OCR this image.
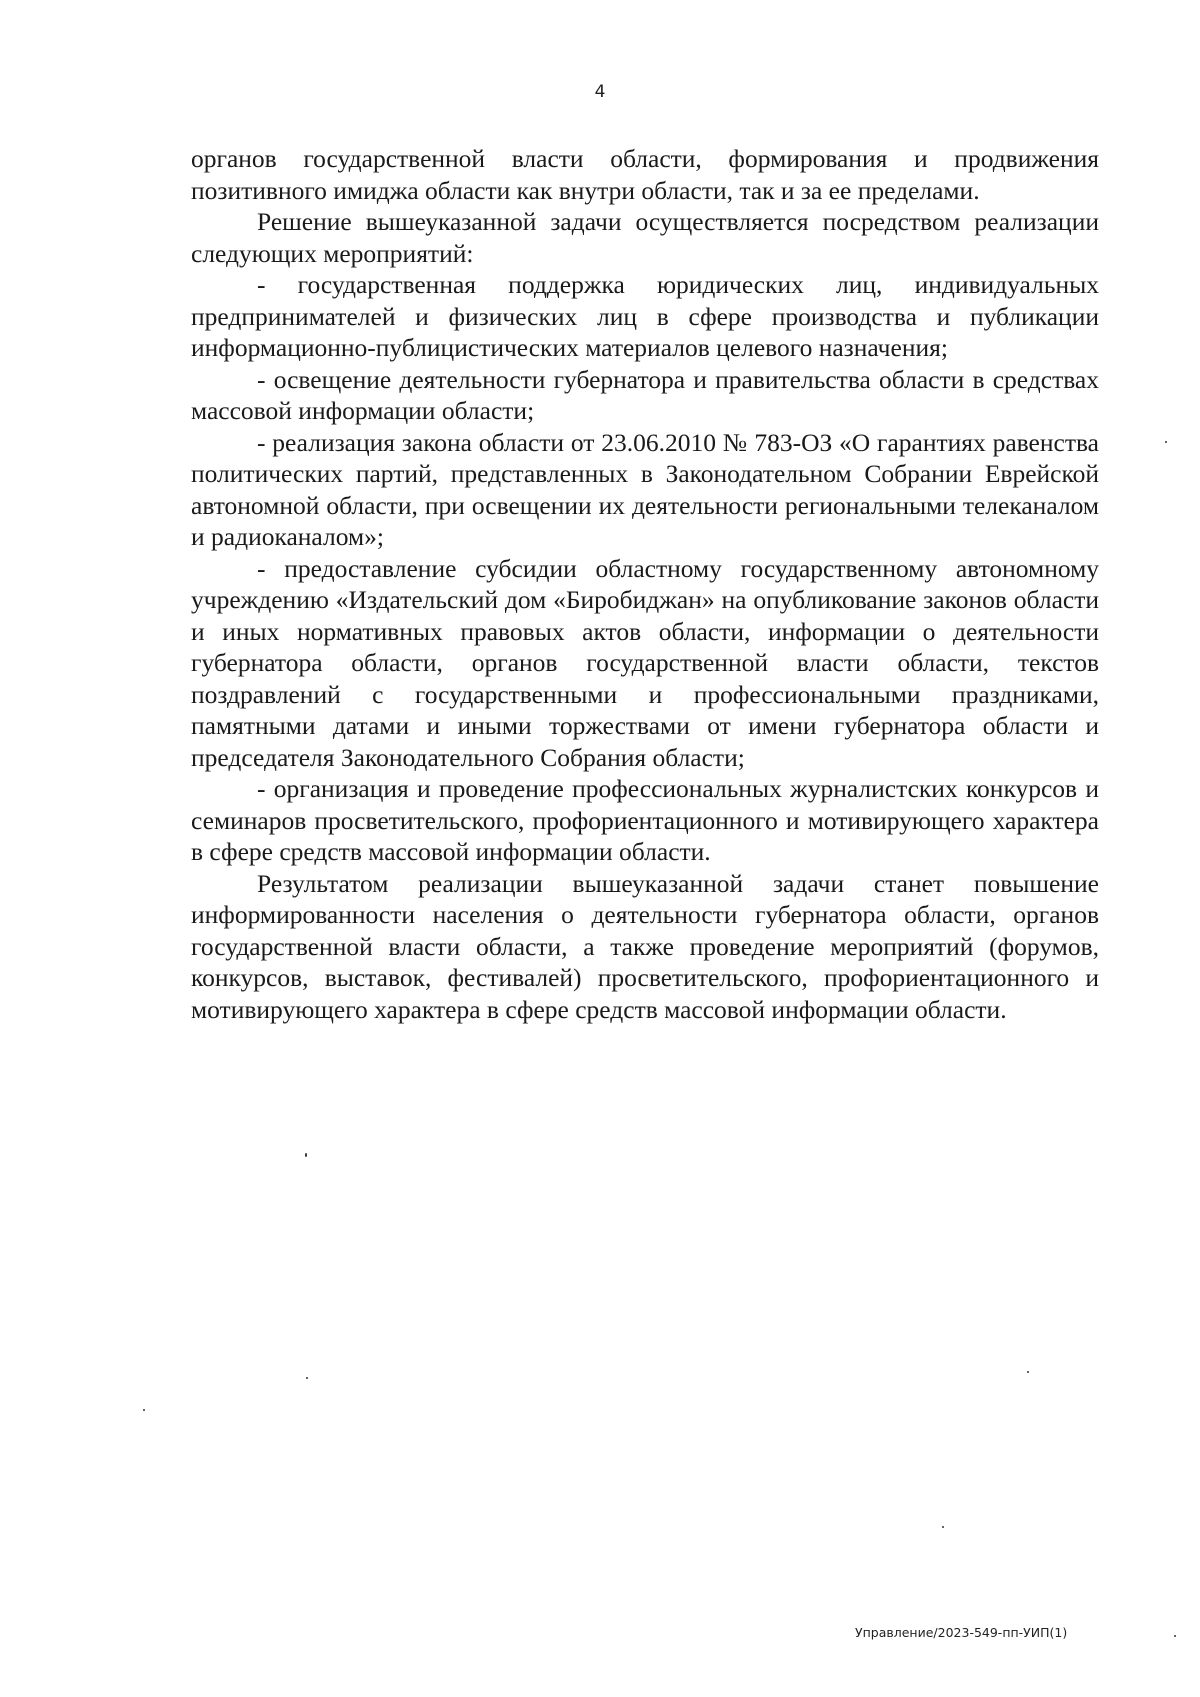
4

органов государственной власти области, формирования и продвижения позитивного имиджа области как внутри области, так и за ее пределами.

Решение вышеуказанной задачи осуществляется посредством реализации следующих мероприятий:

- государственная поддержка юридических лиц, индивидуальных предпринимателей и физических лиц в сфере производства и публикации информационно-публицистических материалов целевого назначения;

- освещение деятельности губернатора и правительства области в средствах массовой информации области;

- реализация закона области от 23.06.2010 № 783-ОЗ «О гарантиях равенства политических партий, представленных в Законодательном Собрании Еврейской автономной области, при освещении их деятельности региональными телеканалом и радиоканалом»;

- предоставление субсидии областному государственному автономному учреждению «Издательский дом «Биробиджан» на опубликование законов области и иных нормативных правовых актов области, информации о деятельности губернатора области, органов государственной власти области, текстов поздравлений с государственными и профессиональными праздниками, памятными датами и иными торжествами от имени губернатора области и председателя Законодательного Собрания области;

- организация и проведение профессиональных журналистских конкурсов и семинаров просветительского, профориентационного и мотивирующего характера в сфере средств массовой информации области.

Результатом реализации вышеуказанной задачи станет повышение информированности населения о деятельности губернатора области, органов государственной власти области, а также проведение мероприятий (форумов, конкурсов, выставок, фестивалей) просветительского, профориентационного и мотивирующего характера в сфере средств массовой информации области.

Управление/2023-549-пп-УИП(1)
